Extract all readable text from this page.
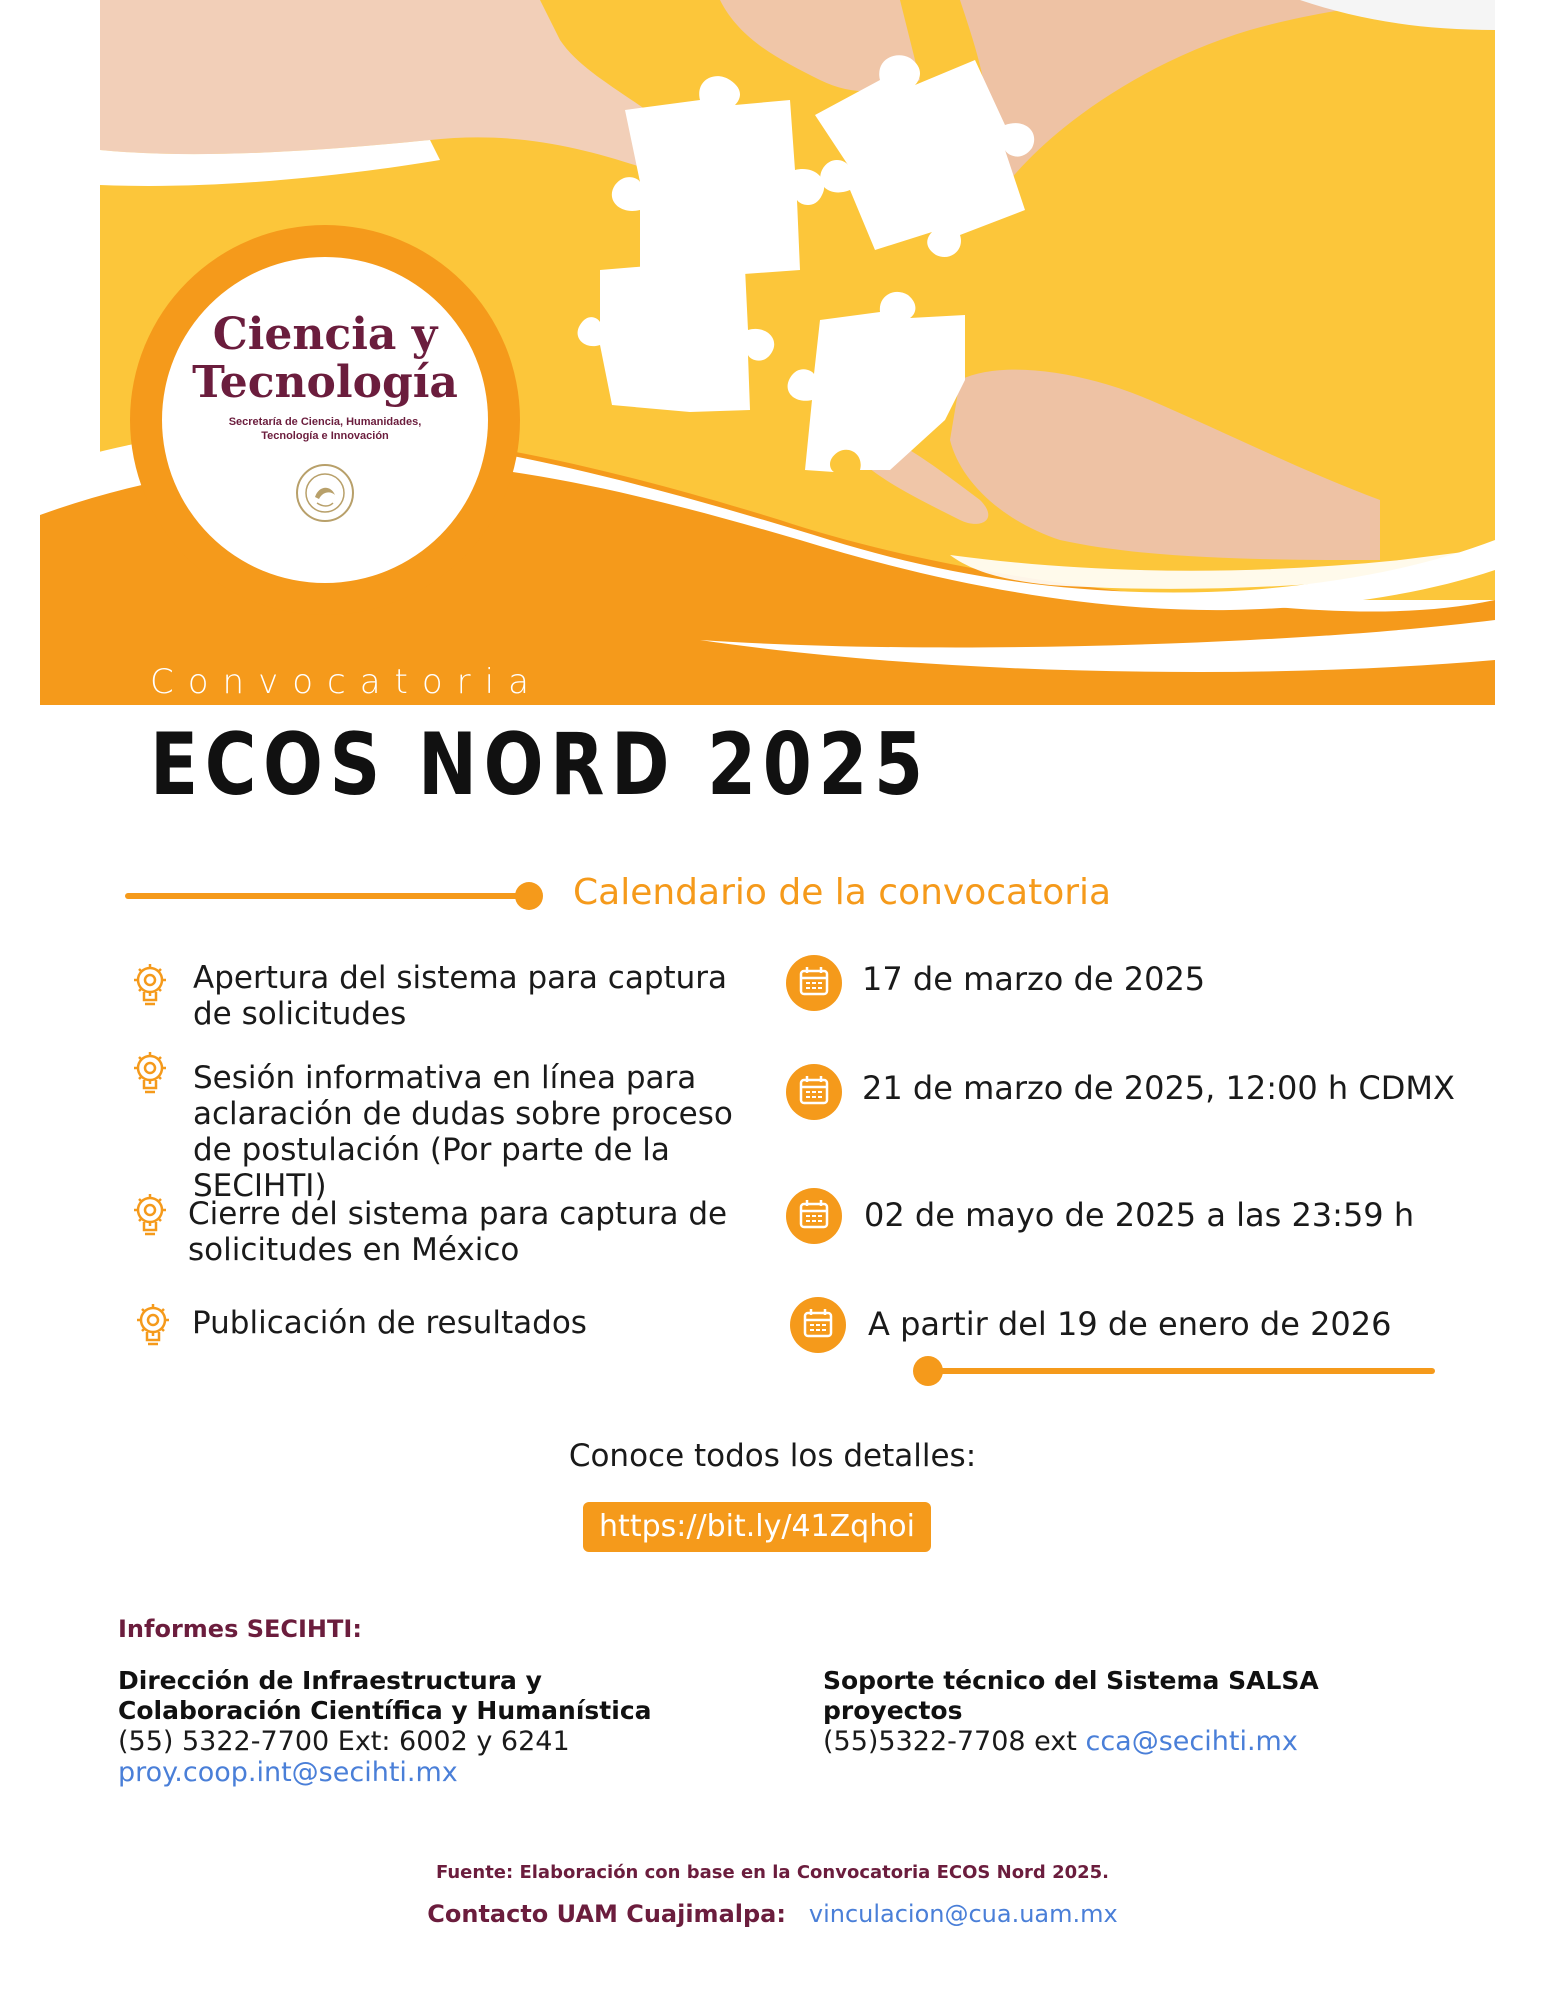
Ciencia y
Tecnología
Secretaría de Ciencia, Humanidades,
Tecnología e Innovación
Convocatoria
ECOS NORD 2025
Calendario de la convocatoria
Apertura del sistema para captura de solicitudes
17 de marzo de 2025
Sesión informativa en línea para aclaración de dudas sobre proceso de postulación (Por parte de la SECIHTI)
21 de marzo de 2025, 12:00 h CDMX
Cierre del sistema para captura de solicitudes en México
02 de mayo de 2025 a las 23:59 h
Publicación de resultados	A partir del 19 de enero de 2026
Conoce todos los detalles:
https://bit.ly/41Zqhoi
Informes SECIHTI:
Dirección de Infraestructura y Colaboración Científica y Humanística
(55) 5322-7700 Ext: 6002 y 6241
proy.coop.int@secihti.mx
Soporte técnico del Sistema SALSA proyectos
(55)5322-7708 ext cca@secihti.mx
Fuente: Elaboración con base en la Convocatoria ECOS Nord 2025.
Contacto UAM Cuajimalpa: vinculacion@cua.uam.mx
